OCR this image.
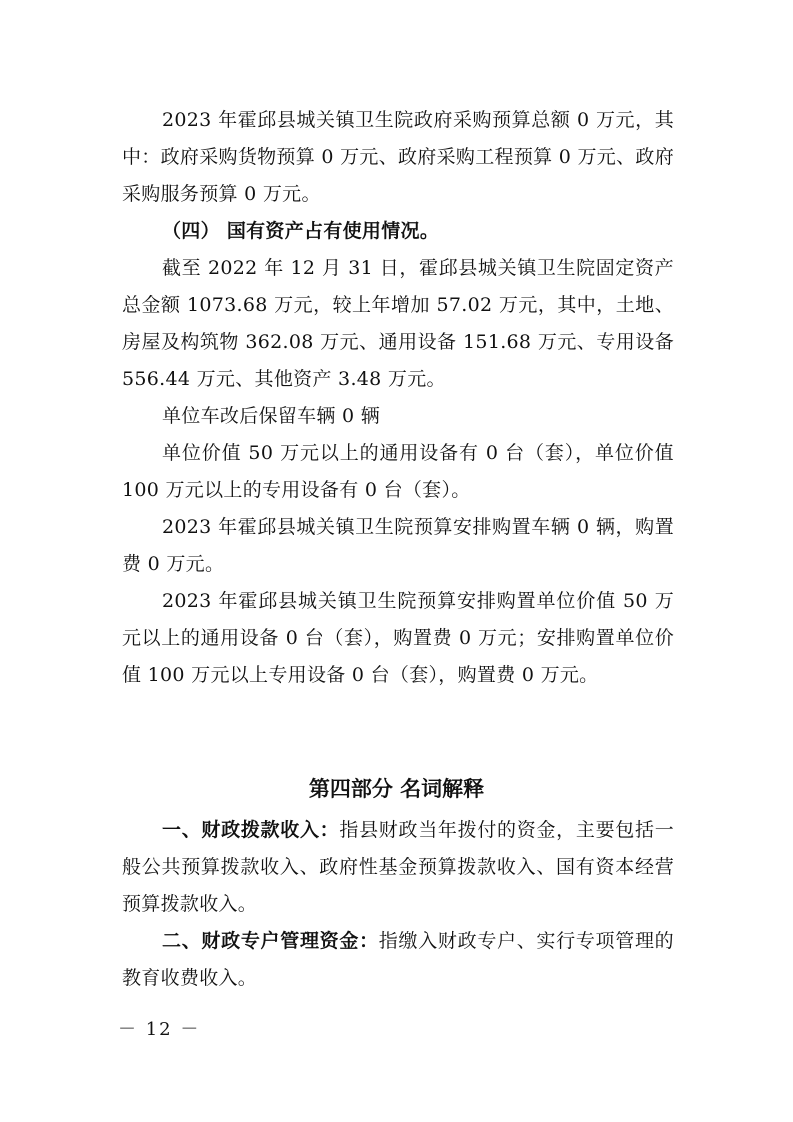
2023 年霍邱县城关镇卫生院政府采购预算总额 0 万元，其中：政府采购货物预算 0 万元、政府采购工程预算 0 万元、政府采购服务预算 0 万元。

（四） 国有资产占有使用情况。

截至 2022 年 12 月 31 日，霍邱县城关镇卫生院固定资产总金额 1073.68 万元，较上年增加 57.02 万元，其中，土地、房屋及构筑物 362.08 万元、通用设备 151.68 万元、专用设备 556.44 万元、其他资产 3.48 万元。

单位车改后保留车辆 0 辆

单位价值 50 万元以上的通用设备有 0 台（套），单位价值 100 万元以上的专用设备有 0 台（套）。

2023 年霍邱县城关镇卫生院预算安排购置车辆 0 辆，购置费 0 万元。

2023 年霍邱县城关镇卫生院预算安排购置单位价值 50 万元以上的通用设备 0 台（套），购置费 0 万元；安排购置单位价值 100 万元以上专用设备 0 台（套），购置费 0 万元。

第四部分 名词解释

一、财政拨款收入：指县财政当年拨付的资金，主要包括一般公共预算拨款收入、政府性基金预算拨款收入、国有资本经营预算拨款收入。

二、财政专户管理资金：指缴入财政专户、实行专项管理的教育收费收入。

－ 12 －
